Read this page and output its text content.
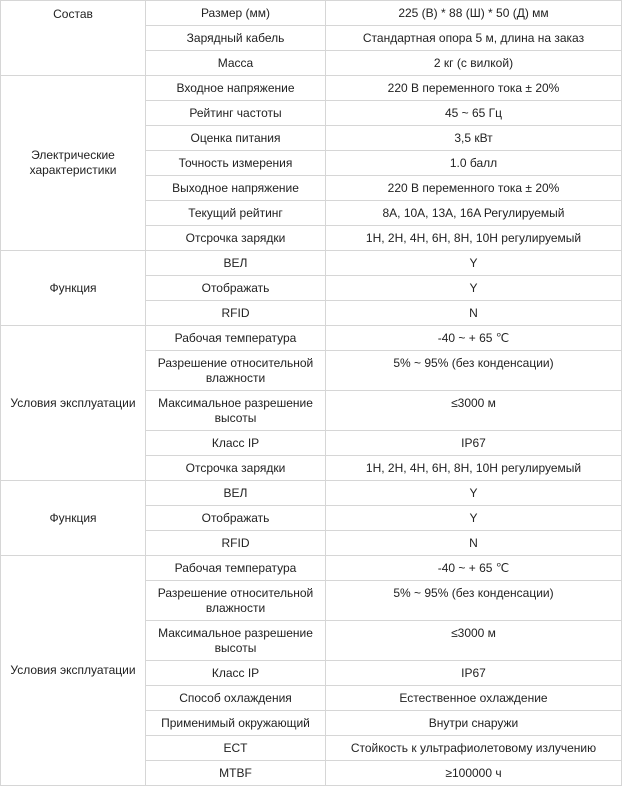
Состав	Размер (мм)	225 (В) * 88 (Ш) * 50 (Д) мм
	Зарядный кабель	Стандартная опора 5 м, длина на заказ
	Масса	2 кг (с вилкой)
Электрические характеристики	Входное напряжение	220 В переменного тока ± 20%
	Рейтинг частоты	45 ~ 65 Гц
	Оценка питания	3,5 кВт
	Точность измерения	1.0 балл
	Выходное напряжение	220 В переменного тока ± 20%
	Текущий рейтинг	8A, 10A, 13A, 16A Регулируемый
	Отсрочка зарядки	1H, 2H, 4H, 6H, 8H, 10H регулируемый
Функция	ВЕЛ	Y
	Отображать	Y
	RFID	N
Условия эксплуатации	Рабочая температура	-40 ~ + 65 ℃
	Разрешение относительной влажности	5% ~ 95% (без конденсации)
	Максимальное разрешение высоты	≤3000 м
	Класс IP	IP67
	Отсрочка зарядки	1H, 2H, 4H, 6H, 8H, 10H регулируемый
Функция	ВЕЛ	Y
	Отображать	Y
	RFID	N
Условия эксплуатации	Рабочая температура	-40 ~ + 65 ℃
	Разрешение относительной влажности	5% ~ 95% (без конденсации)
	Максимальное разрешение высоты	≤3000 м
	Класс IP	IP67
	Способ охлаждения	Естественное охлаждение
	Применимый окружающий	Внутри снаружи
	ECT	Стойкость к ультрафиолетовому излучению
	MTBF	≥100000 ч
